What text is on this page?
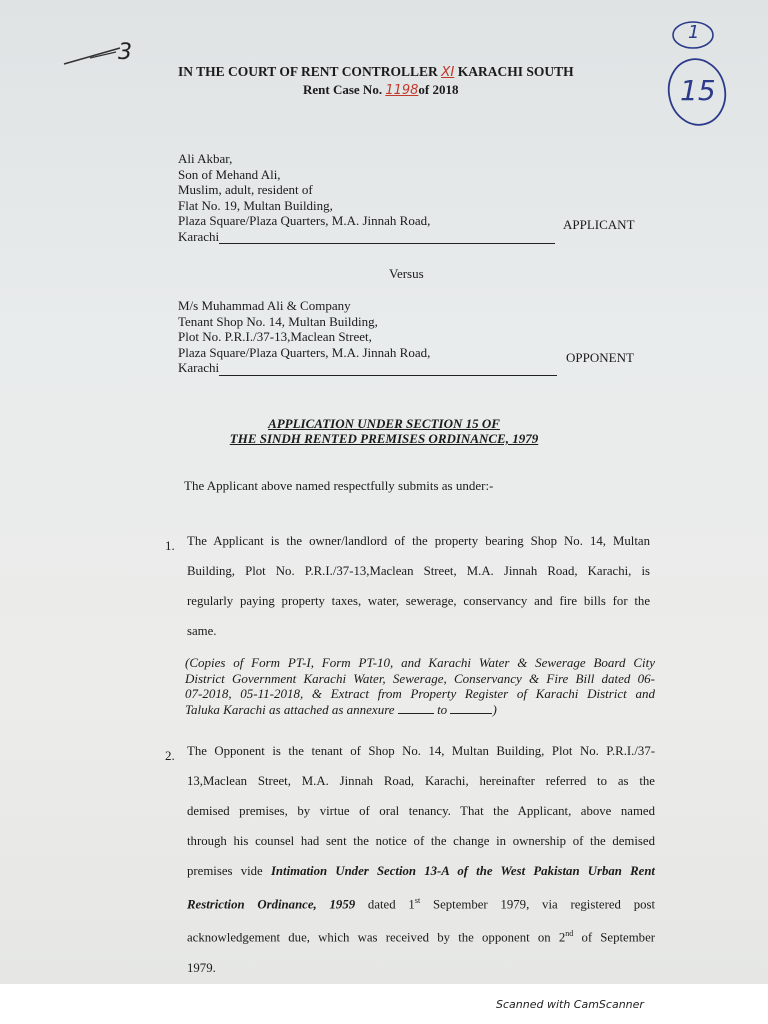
3
1
15
IN THE COURT OF RENT CONTROLLER XI KARACHI SOUTH
Rent Case No. 1198of 2018
Ali Akbar,
Son of Mehand Ali,
Muslim, adult, resident of
Flat No. 19, Multan Building,
Plaza Square/Plaza Quarters, M.A. Jinnah Road,
Karachi
APPLICANT
Versus
M/s Muhammad Ali & Company
Tenant Shop No. 14, Multan Building,
Plot No. P.R.I./37-13,Maclean Street,
Plaza Square/Plaza Quarters, M.A. Jinnah Road,
Karachi
OPPONENT
APPLICATION UNDER SECTION 15 OF
THE SINDH RENTED PREMISES ORDINANCE, 1979
The Applicant above named respectfully submits as under:-
1. The Applicant is the owner/landlord of the property bearing Shop No. 14, Multan
Building, Plot No. P.R.I./37-13,Maclean Street, M.A. Jinnah Road, Karachi, is
regularly paying property taxes, water, sewerage, conservancy and fire bills for the
same.
(Copies of Form PT-I, Form PT-10, and Karachi Water & Sewerage Board City
District Government Karachi Water, Sewerage, Conservancy & Fire Bill dated 06-
07-2018, 05-11-2018, & Extract from Property Register of Karachi District and
Taluka Karachi as attached as annexure	to	)
2. The Opponent is the tenant of Shop No. 14, Multan Building, Plot No. P.R.I./37-
13,Maclean Street, M.A. Jinnah Road, Karachi, hereinafter referred to as the
demised premises, by virtue of oral tenancy. That the Applicant, above named
through his counsel had sent the notice of the change in ownership of the demised
premises vide Intimation Under Section 13-A of the West Pakistan Urban Rent
Restriction Ordinance, 1959 dated 1st September 1979, via registered post
acknowledgement due, which was received by the opponent on 2nd of September
1979.
Scanned with CamScanner
